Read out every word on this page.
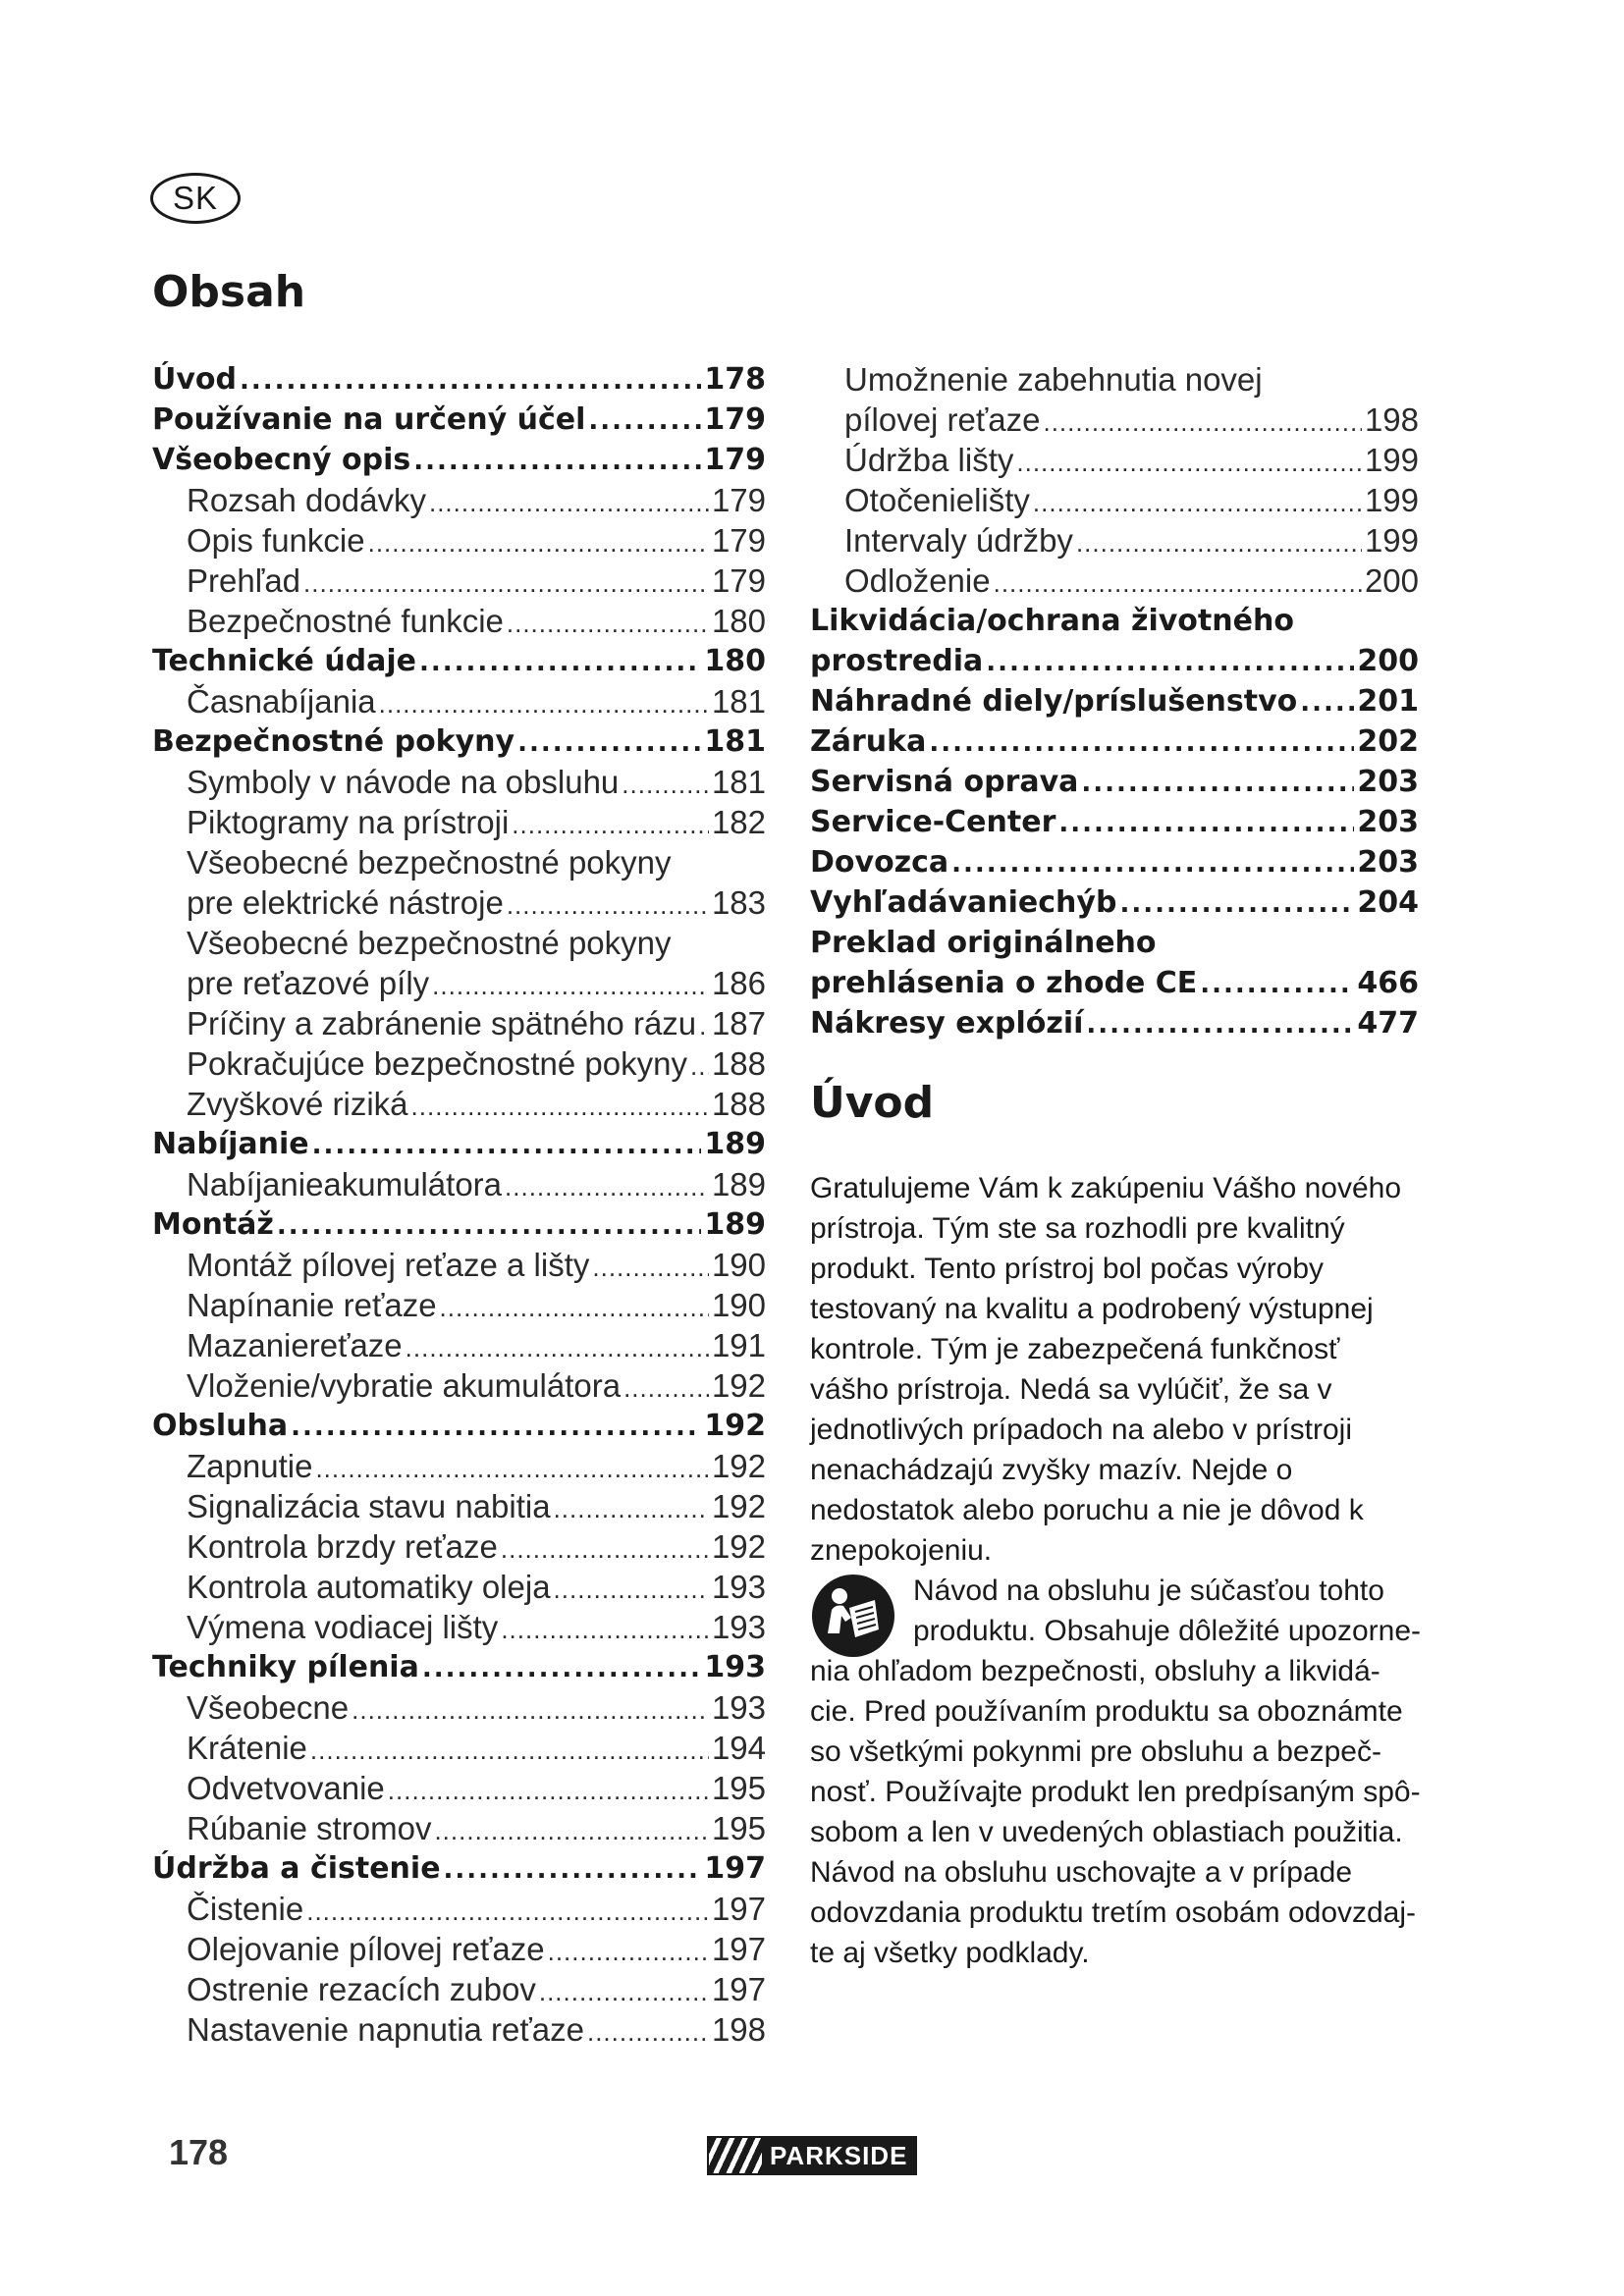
SK
Obsah
Úvod .....	178
Používanie na určený účel .....	179
Všeobecný opis .....	179
Rozsah dodávky .....	179
Opis funkcie .....	179
Prehľad .....	179
Bezpečnostné funkcie .....	180
Technické údaje .....	180
Časnabíjania .....	181
Bezpečnostné pokyny .....	181
Symboly v návode na obsluhu .....	181
Piktogramy na prístroji .....	182
Všeobecné bezpečnostné pokyny
pre elektrické nástroje .....	183
Všeobecné bezpečnostné pokyny
pre reťazové píly .....	186
Príčiny a zabránenie spätného rázu ..... 187
Pokračujúce bezpečnostné pokyny ..... 188
Zvyškové riziká .....	188
Nabíjanie .....	189
Nabíjanieakumulátora .....	189
Montáž .....	189
Montáž pílovej reťaze a lišty .....	190
Napínanie reťaze .....	190
Mazaniereťaze .....	191
Vloženie/vybratie akumulátora .....	192
Obsluha .....	192
Zapnutie .....	192
Signalizácia stavu nabitia .....	192
Kontrola brzdy reťaze .....	192
Kontrola automatiky oleja .....	193
Výmena vodiacej lišty .....	193
Techniky pílenia .....	193
Všeobecne .....	193
Krátenie .....	194
Odvetvovanie .....	195
Rúbanie stromov .....	195
Údržba a čistenie .....	197
Čistenie .....	197
Olejovanie pílovej reťaze .....	197
Ostrenie rezacích zubov .....	197
Nastavenie napnutia reťaze .....	198
Umožnenie zabehnutia novej
pílovej reťaze .....	198
Údržba lišty .....	199
Otočenielišty .....	199
Intervaly údržby .....	199
Odloženie .....	200
Likvidácia/ochrana životného
prostredia .....	200
Náhradné diely/príslušenstvo ..... 201
Záruka .....	202
Servisná oprava .....	203
Service-Center .....	203
Dovozca .....	203
Vyhľadávaniechýb .....	204
Preklad originálneho
prehlásenia o zhode CE .....	466
Nákresy explózií .....	477
Úvod

Gratulujeme Vám k zakúpeniu Vášho nového prístroja. Tým ste sa rozhodli pre kvalitný produkt. Tento prístroj bol počas výroby testovaný na kvalitu a podrobený výstupnej kontrole. Tým je zabezpečená funkčnosť vášho prístroja. Nedá sa vylúčiť, že sa v jednotlivých prípadoch na alebo v prístroji nenachádzajú zvyšky mazív. Nejde o nedostatok alebo poruchu a nie je dôvod k znepokojeniu.

Návod na obsluhu je súčasťou tohto
produktu. Obsahuje dôležité upozorne-
nia ohľadom bezpečnosti, obsluhy a likvidá-
cie. Pred používaním produktu sa oboznámte
so všetkými pokynmi pre obsluhu a bezpeč-
nosť. Používajte produkt len predpísaným spô-
sobom a len v uvedených oblastiach použitia.
Návod na obsluhu uschovajte a v prípade
odovzdania produktu tretím osobám odovzdaj-
te aj všetky podklady.
178	PARKSIDE
